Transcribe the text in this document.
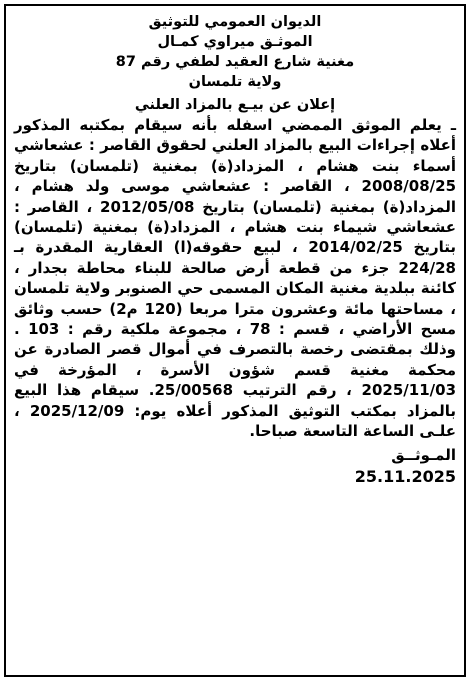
الديوان العمومي للتوثيق
الموثـق ميراوي كمـال
مغنية شارع العقيد لطفي رقم 87
ولاية تلمسان
إعلان عن بيـع بالمزاد العلني

ـ يعلم الموثق الممضي اسفله بأنه سيقام بمكتبه المذكور أعلاه إجراءات البيع بالمزاد العلني لحقوق القاصر : عشعاشي أسماء بنت هشام ، المزداد(ة) بمغنية (تلمسان) بتاريخ 2008/08/25 ، القاصر : عشعاشي موسى ولد هشام ، المزداد(ة) بمغنية (تلمسان) بتاريخ 2012/05/08 ، القاصر : عشعاشي شيماء بنت هشام ، المزداد(ة) بمغنية (تلمسان) بتاريخ 2014/02/25 ، لبيع حقوقه(ا) العقارية المقدرة بـ 224/28 جزء من قطعة أرض صالحة للبناء محاطة بجدار ، كائنة ببلدية مغنية المكان المسمى حي الصنوبر ولاية تلمسان ، مساحتها مائة وعشرون مترا مربعا (120 م2) حسب وثائق مسح الأراضي ، قسم : 78 ، مجموعة ملكية رقم : 103 . وذلك بمقتضى رخصة بالتصرف في أموال قصر الصادرة عن محكمة مغنية قسم شؤون الأسرة ، المؤرخة في 2025/11/03 ، رقم الترتيب 25/00568. سيقام هذا البيع بالمزاد بمكتب التوثيق المذكور أعلاه يوم: 2025/12/09 ، علـى الساعة التاسعة صباحا.

المـوثــق
25.11.2025
